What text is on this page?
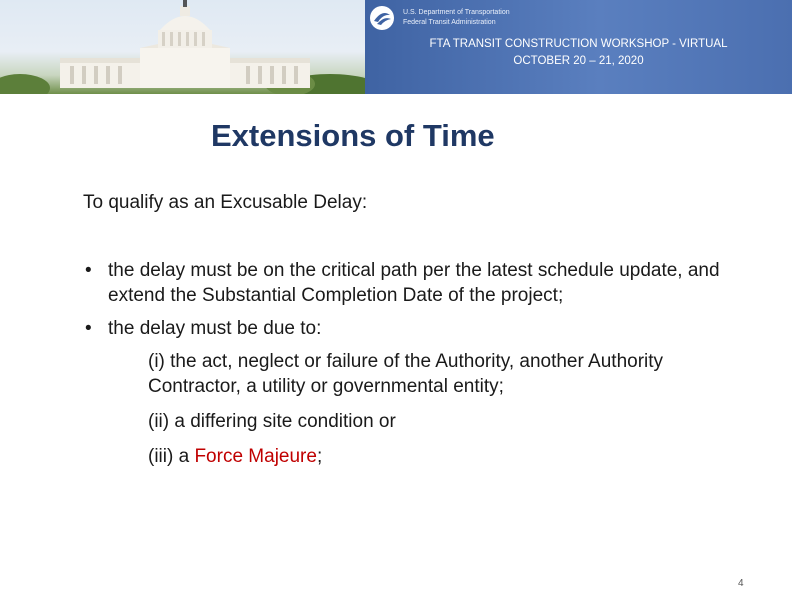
U.S. Department of Transportation
Federal Transit Administration
FTA TRANSIT CONSTRUCTION WORKSHOP - VIRTUAL
OCTOBER 20 – 21, 2020
Extensions of Time

To qualify as an Excusable Delay:

• the delay must be on the critical path per the latest schedule update, and extend the Substantial Completion Date of the project;
• the delay must be due to:
(i) the act, neglect or failure of the Authority, another Authority Contractor, a utility or governmental entity;
(ii) a differing site condition or
(iii) a Force Majeure;
4
